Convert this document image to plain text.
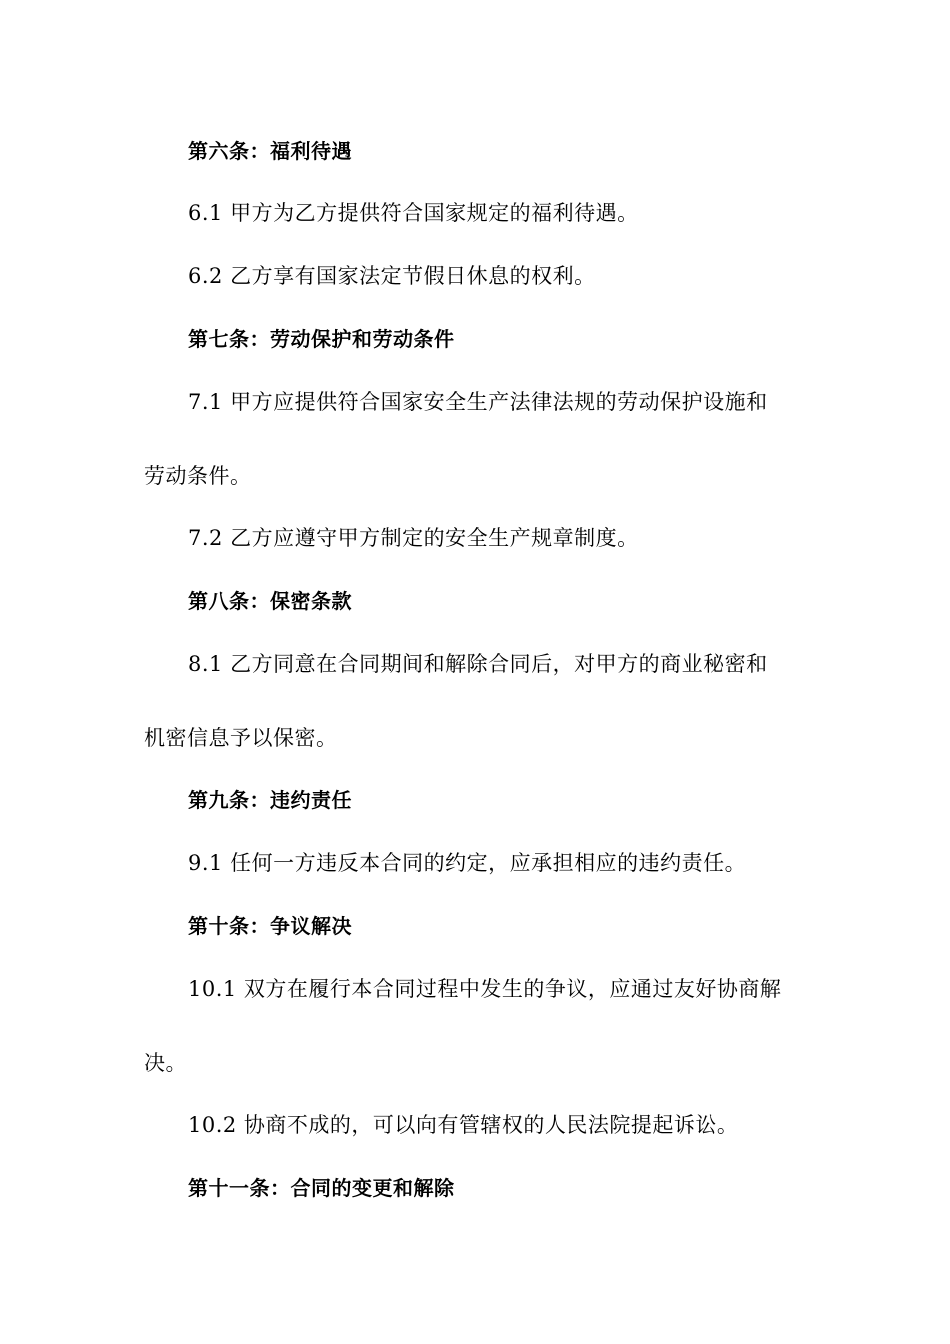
第六条：福利待遇
6.1 甲方为乙方提供符合国家规定的福利待遇。
6.2 乙方享有国家法定节假日休息的权利。
第七条：劳动保护和劳动条件
7.1 甲方应提供符合国家安全生产法律法规的劳动保护设施和
劳动条件。
7.2 乙方应遵守甲方制定的安全生产规章制度。
第八条：保密条款
8.1 乙方同意在合同期间和解除合同后，对甲方的商业秘密和
机密信息予以保密。
第九条：违约责任
9.1 任何一方违反本合同的约定，应承担相应的违约责任。
第十条：争议解决
10.1 双方在履行本合同过程中发生的争议，应通过友好协商解
决。
10.2 协商不成的，可以向有管辖权的人民法院提起诉讼。
第十一条：合同的变更和解除
